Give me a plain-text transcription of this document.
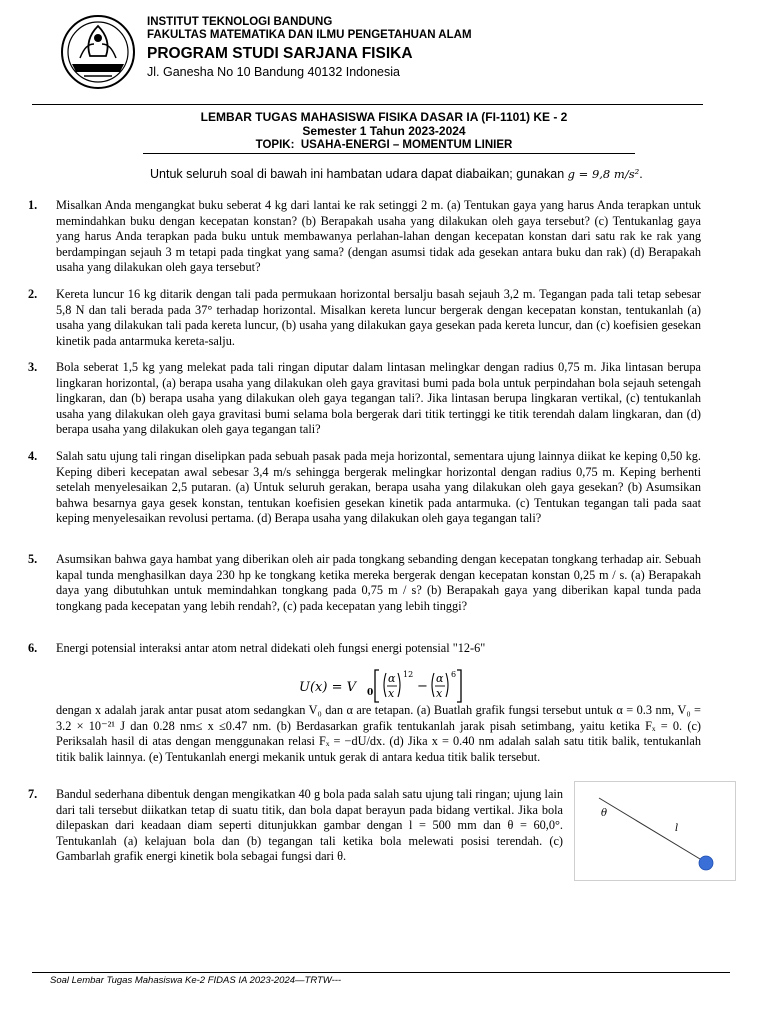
INSTITUT TEKNOLOGI BANDUNG
FAKULTAS MATEMATIKA DAN ILMU PENGETAHUAN ALAM
PROGRAM STUDI SARJANA FISIKA
Jl. Ganesha No 10 Bandung 40132 Indonesia
LEMBAR TUGAS MAHASISWA FISIKA DASAR IA (FI-1101) KE - 2
Semester 1 Tahun 2023-2024
TOPIK:  USAHA-ENERGI – MOMENTUM LINIER
Untuk seluruh soal di bawah ini hambatan udara dapat diabaikan; gunakan g = 9,8 m/s².
1. Misalkan Anda mengangkat buku seberat 4 kg dari lantai ke rak setinggi 2 m. (a) Tentukan gaya yang harus Anda terapkan untuk memindahkan buku dengan kecepatan konstan? (b) Berapakah usaha yang dilakukan oleh gaya tersebut? (c) Tentukanlag gaya yang harus Anda terapkan pada buku untuk membawanya perlahan-lahan dengan kecepatan konstan dari satu rak ke rak yang berdampingan sejauh 3 m tetapi pada tingkat yang sama? (dengan asumsi tidak ada gesekan antara buku dan rak) (d) Berapakah usaha yang dilakukan oleh gaya tersebut?
2. Kereta luncur 16 kg ditarik dengan tali pada permukaan horizontal bersalju basah sejauh 3,2 m. Tegangan pada tali tetap sebesar 5,8 N dan tali berada pada 37° terhadap horizontal. Misalkan kereta luncur bergerak dengan kecepatan konstan, tentukanlah (a) usaha yang dilakukan tali pada kereta luncur, (b) usaha yang dilakukan gaya gesekan pada kereta luncur, dan (c) koefisien gesekan kinetik pada antarmuka kereta-salju.
3. Bola seberat 1,5 kg yang melekat pada tali ringan diputar dalam lintasan melingkar dengan radius 0,75 m. Jika lintasan berupa lingkaran horizontal, (a) berapa usaha yang dilakukan oleh gaya gravitasi bumi pada bola untuk perpindahan bola sejauh setengah lingkaran, dan (b) berapa usaha yang dilakukan oleh gaya tegangan tali?. Jika lintasan berupa lingkaran vertikal, (c) tentukanlah usaha yang dilakukan oleh gaya gravitasi bumi selama bola bergerak dari titik tertinggi ke titik terendah dalam lingkaran, dan (d) berapa usaha yang dilakukan oleh gaya tegangan tali?
4. Salah satu ujung tali ringan diselipkan pada sebuah pasak pada meja horizontal, sementara ujung lainnya diikat ke keping 0,50 kg. Keping diberi kecepatan awal sebesar 3,4 m/s sehingga bergerak melingkar horizontal dengan radius 0,75 m. Keping berhenti setelah menyelesaikan 2,5 putaran. (a) Untuk seluruh gerakan, berapa usaha yang dilakukan oleh gaya gesekan? (b) Asumsikan bahwa besarnya gaya gesek konstan, tentukan koefisien gesekan kinetik pada antarmuka. (c) Tentukan tegangan tali pada saat keping menyelesaikan revolusi pertama. (d) Berapa usaha yang dilakukan oleh gaya tegangan tali?
5. Asumsikan bahwa gaya hambat yang diberikan oleh air pada tongkang sebanding dengan kecepatan tongkang terhadap air. Sebuah kapal tunda menghasilkan daya 230 hp ke tongkang ketika mereka bergerak dengan kecepatan konstan 0,25 m / s. (a) Berapakah daya yang dibutuhkan untuk memindahkan tongkang pada 0,75 m / s? (b) Berapakah gaya yang diberikan kapal tunda pada tongkang pada kecepatan yang lebih rendah?, (c) pada kecepatan yang lebih tinggi?
6. Energi potensial interaksi antar atom netral didekati oleh fungsi energi potensial "12-6"
U(x) = V 0
α
x
12
−
α
x
6
dengan x adalah jarak antar pusat atom sedangkan V₀ dan α are tetapan. (a) Buatlah grafik fungsi tersebut untuk α = 0.3 nm, V₀ = 3.2 × 10⁻²¹ J dan 0.28 nm≤ x ≤0.47 nm. (b) Berdasarkan grafik tentukanlah jarak pisah setimbang, yaitu ketika Fₓ = 0. (c) Periksalah hasil di atas dengan menggunakan relasi Fₓ = −dU/dx. (d) Jika x = 0.40 nm adalah salah satu titik balik, tentukanlah titik balik lainnya. (e) Tentukanlah energi mekanik untuk gerak di antara kedua titik balik tersebut.
7. Bandul sederhana dibentuk dengan mengikatkan 40 g bola pada salah satu ujung tali ringan; ujung lain dari tali tersebut diikatkan tetap di suatu titik, dan bola dapat berayun pada bidang vertikal. Jika bola dilepaskan dari keadaan diam seperti ditunjukkan gambar dengan l = 500 mm dan θ = 60,0°. Tentukanlah (a) kelajuan bola dan (b) tegangan tali ketika bola melewati posisi terendah. (c) Gambarlah grafik energi kinetik bola sebagai fungsi dari θ.
θ
l
Soal Lembar Tugas Mahasiswa Ke-2 FIDAS IA 2023-2024—TRTW---
